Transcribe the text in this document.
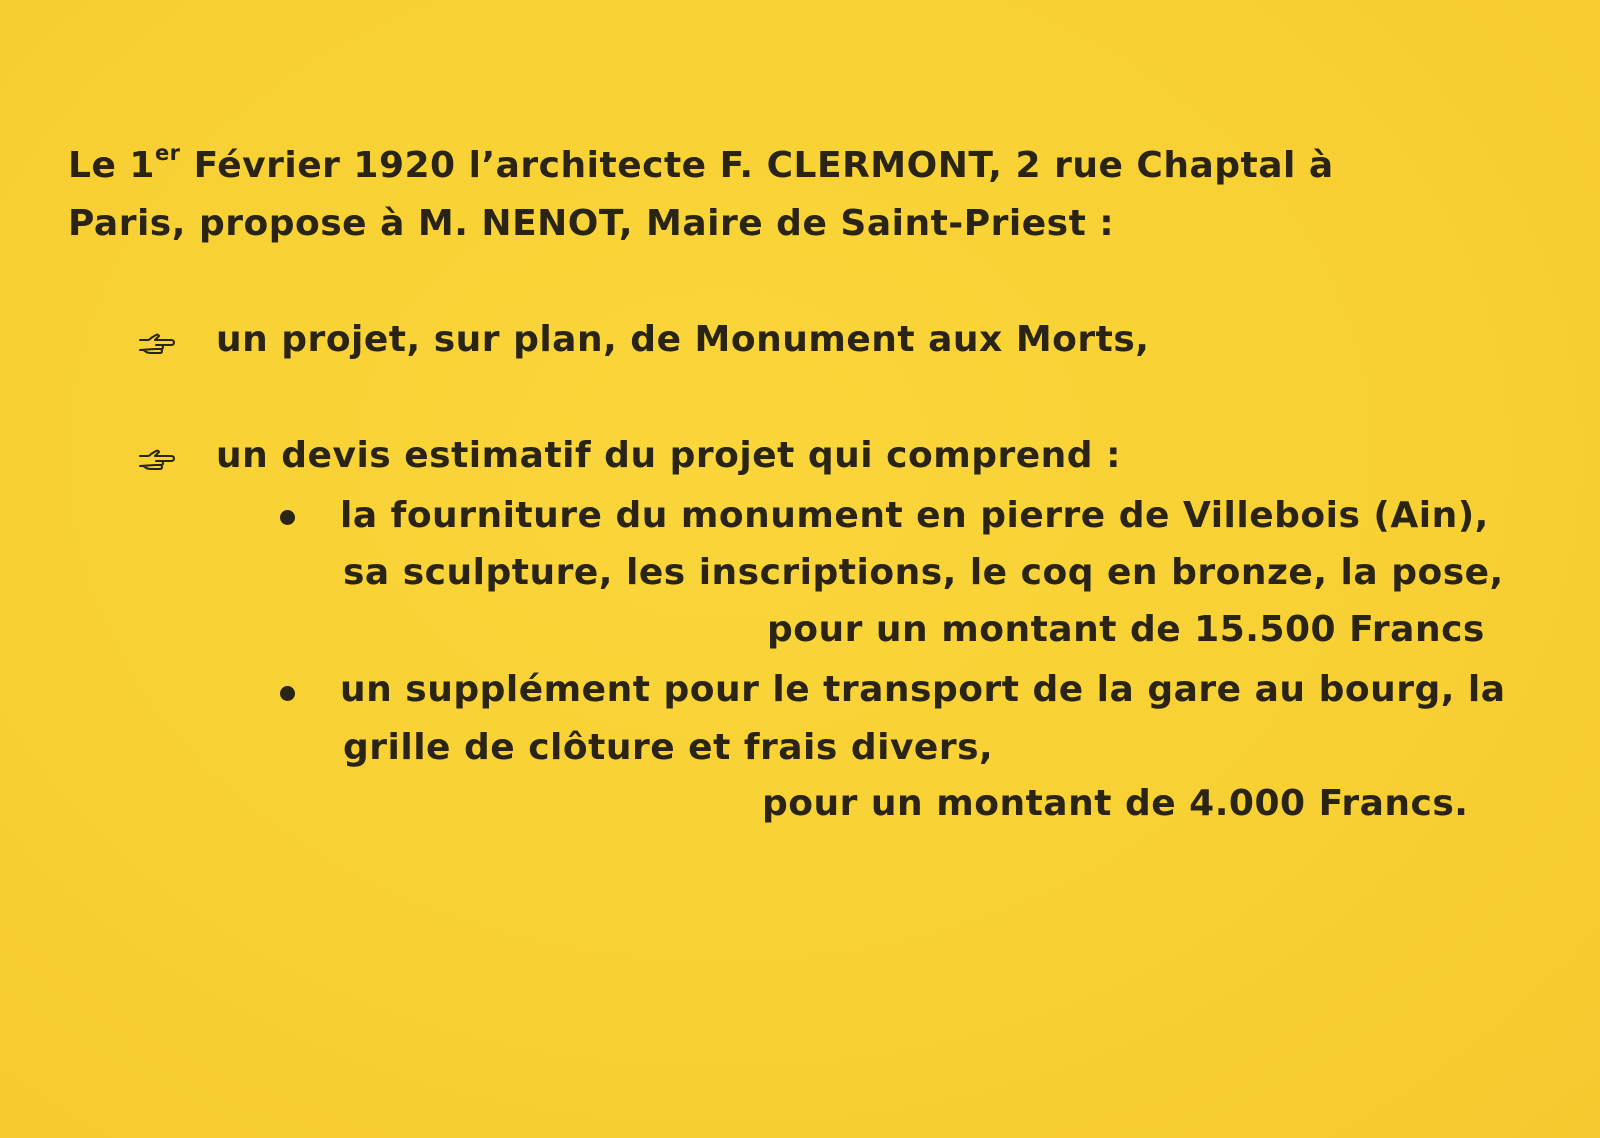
Le 1er Février 1920 l’architecte F. CLERMONT, 2 rue Chaptal à
Paris, propose à M. NENOT, Maire de Saint-Priest :
un projet, sur plan, de Monument aux Morts,
un devis estimatif du projet qui comprend :
la fourniture du monument en pierre de Villebois (Ain),
sa sculpture, les inscriptions, le coq en bronze, la pose,
pour un montant de 15.500 Francs
un supplément pour le transport de la gare au bourg, la
grille de clôture et frais divers,
pour un montant de 4.000 Francs.
